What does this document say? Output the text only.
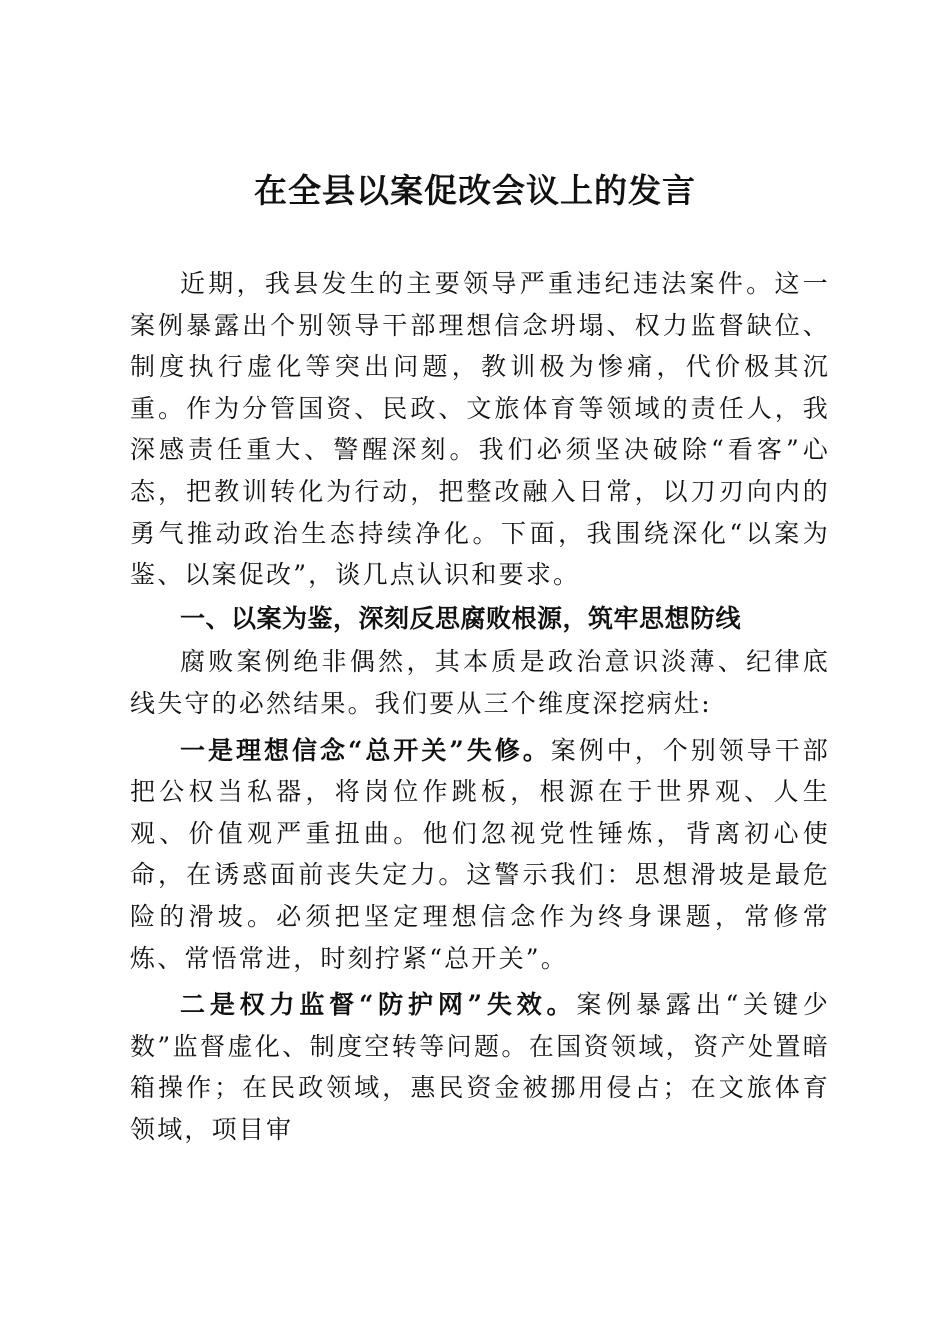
在全县以案促改会议上的发言

近期，我县发生的主要领导严重违纪违法案件。这一案例暴露出个别领导干部理想信念坍塌、权力监督缺位、制度执行虚化等突出问题，教训极为惨痛，代价极其沉重。作为分管国资、民政、文旅体育等领域的责任人，我深感责任重大、警醒深刻。我们必须坚决破除“看客”心态，把教训转化为行动，把整改融入日常，以刀刃向内的勇气推动政治生态持续净化。下面，我围绕深化“以案为鉴、以案促改”，谈几点认识和要求。

一、以案为鉴，深刻反思腐败根源，筑牢思想防线

腐败案例绝非偶然，其本质是政治意识淡薄、纪律底线失守的必然结果。我们要从三个维度深挖病灶:

一是理想信念“总开关”失修。案例中，个别领导干部把公权当私器，将岗位作跳板，根源在于世界观、人生观、价值观严重扭曲。他们忽视党性锤炼，背离初心使命，在诱惑面前丧失定力。这警示我们：思想滑坡是最危险的滑坡。必须把坚定理想信念作为终身课题，常修常炼、常悟常进，时刻拧紧“总开关”。

二是权力监督“防护网”失效。案例暴露出“关键少数”监督虚化、制度空转等问题。在国资领域，资产处置暗箱操作；在民政领域，惠民资金被挪用侵占；在文旅体育领域，项目审
